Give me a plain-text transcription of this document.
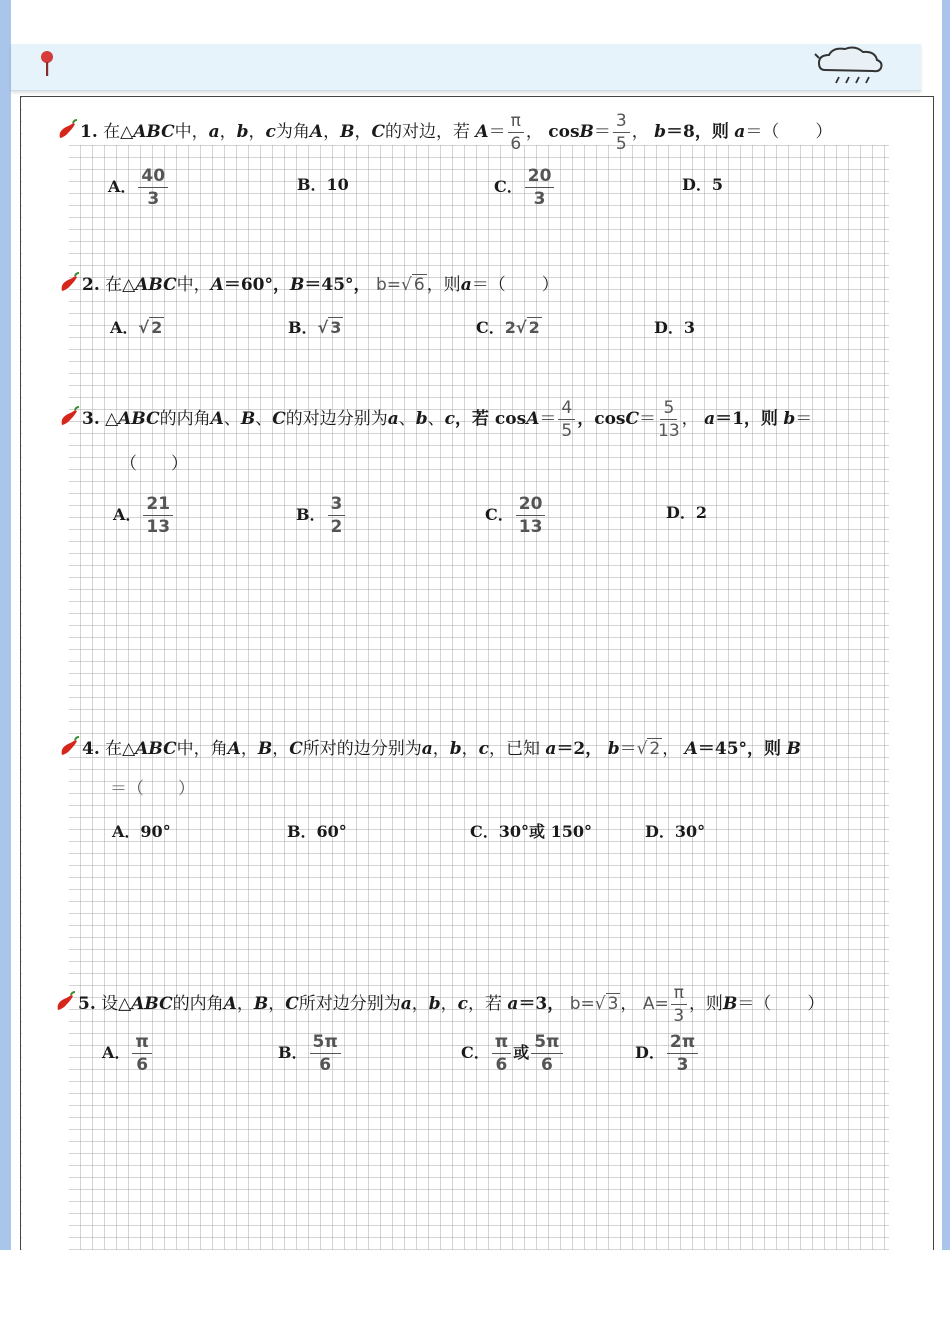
1. 在△ABC中，a，b，c为角A，B，C的对边，若 $A= \frac{\pi}{6}$ ， $\cos B= \frac{3}{5}$ ， b＝8，则 a＝（ ）
A． $\frac{40}{3}$	B．10	C． $\frac{20}{3}$	D．5
2. 在△ABC中，A＝60°，B＝45°， b=√ 6 ，则a＝（ ）
A．√ 2	B．√ 3	C．2√ 2	D．3
3. △ABC的内角A、B、C的对边分别为a、b、c，若 $\cos A= \frac{4}{5}$ ，$\cos C= \frac{5}{13}$ ， a＝1，则 b＝
（　　）
A． $\frac{21}{13}$	B． $\frac{3}{2}$	C． $\frac{20}{13}$	D．2
4. 在△ABC中，角A，B，C所对的边分别为a，b，c，已知 a＝2， b＝√ 2 ， A＝45°，则 B
＝（　　）
A．90°	B．60°	C．30°或 150°	D．30°
5. 设△ABC的内角A，B，C所对边分别为a，b，c，若 a＝3， b=√ 3 ， $A= \frac{\pi}{3}$ ，则B＝（ ）
A． $\frac{\pi}{6}$	B． $\frac{5\pi}{6}$	C． $\frac{\pi}{6}$ 或 $\frac{5\pi}{6}$	D． $\frac{2\pi}{3}$
